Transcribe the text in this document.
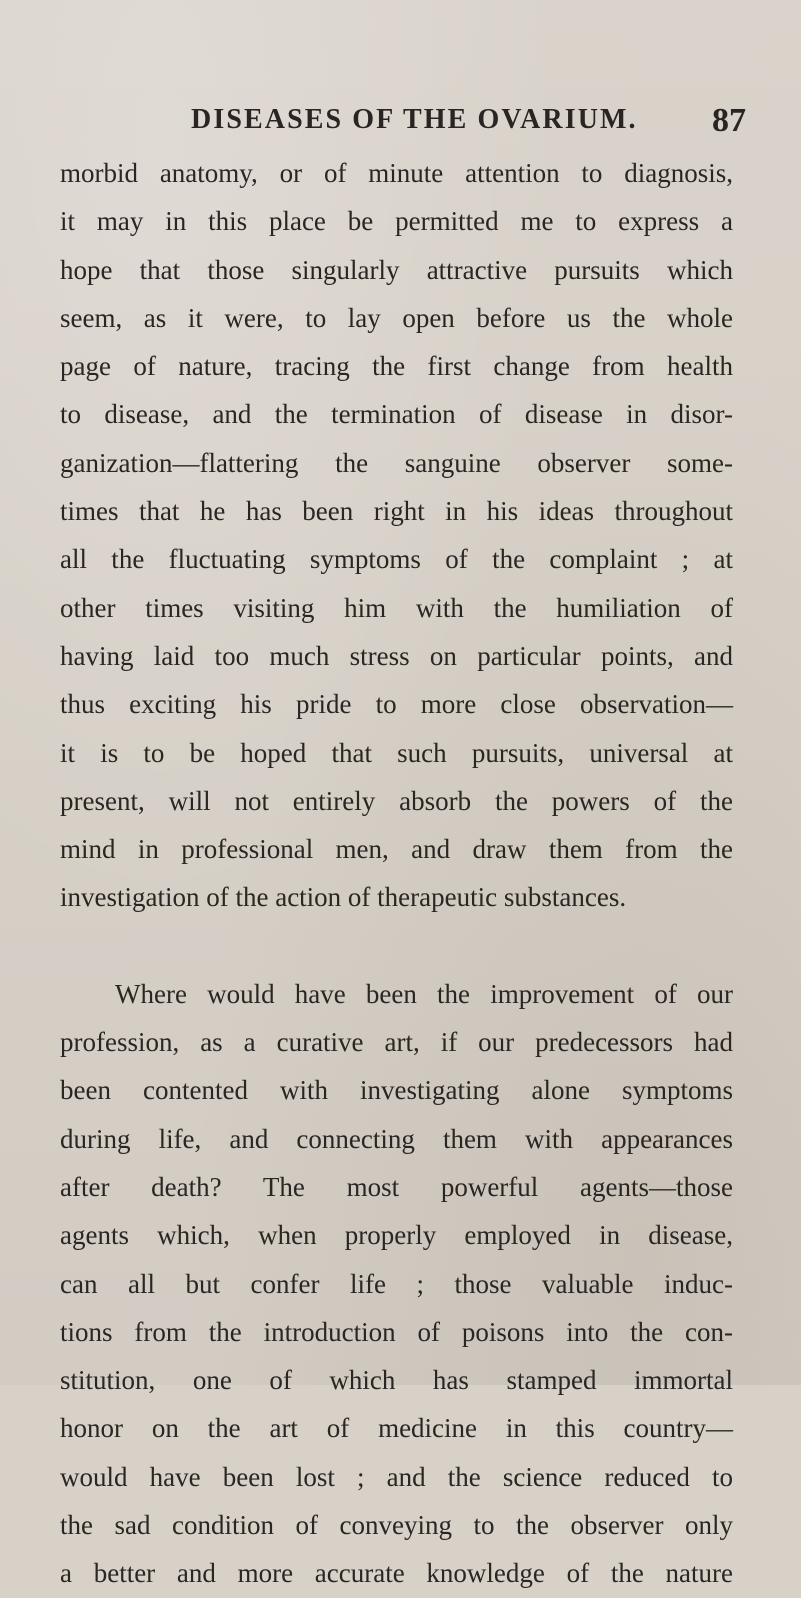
DISEASES OF THE OVARIUM. 87
morbid anatomy, or of minute attention to diagnosis,
it may in this place be permitted me to express a
hope that those singularly attractive pursuits which
seem, as it were, to lay open before us the whole
page of nature, tracing the first change from health
to disease, and the termination of disease in disor-
ganization—flattering the sanguine observer some-
times that he has been right in his ideas throughout
all the fluctuating symptoms of the complaint ; at
other times visiting him with the humiliation of
having laid too much stress on particular points, and
thus exciting his pride to more close observation—
it is to be hoped that such pursuits, universal at
present, will not entirely absorb the powers of the
mind in professional men, and draw them from the
investigation of the action of therapeutic substances.
Where would have been the improvement of our
profession, as a curative art, if our predecessors had
been contented with investigating alone symptoms
during life, and connecting them with appearances
after death? The most powerful agents—those
agents which, when properly employed in disease,
can all but confer life ; those valuable induc-
tions from the introduction of poisons into the con-
stitution, one of which has stamped immortal
honor on the art of medicine in this country—
would have been lost ; and the science reduced to
the sad condition of conveying to the observer only
a better and more accurate knowledge of the nature
